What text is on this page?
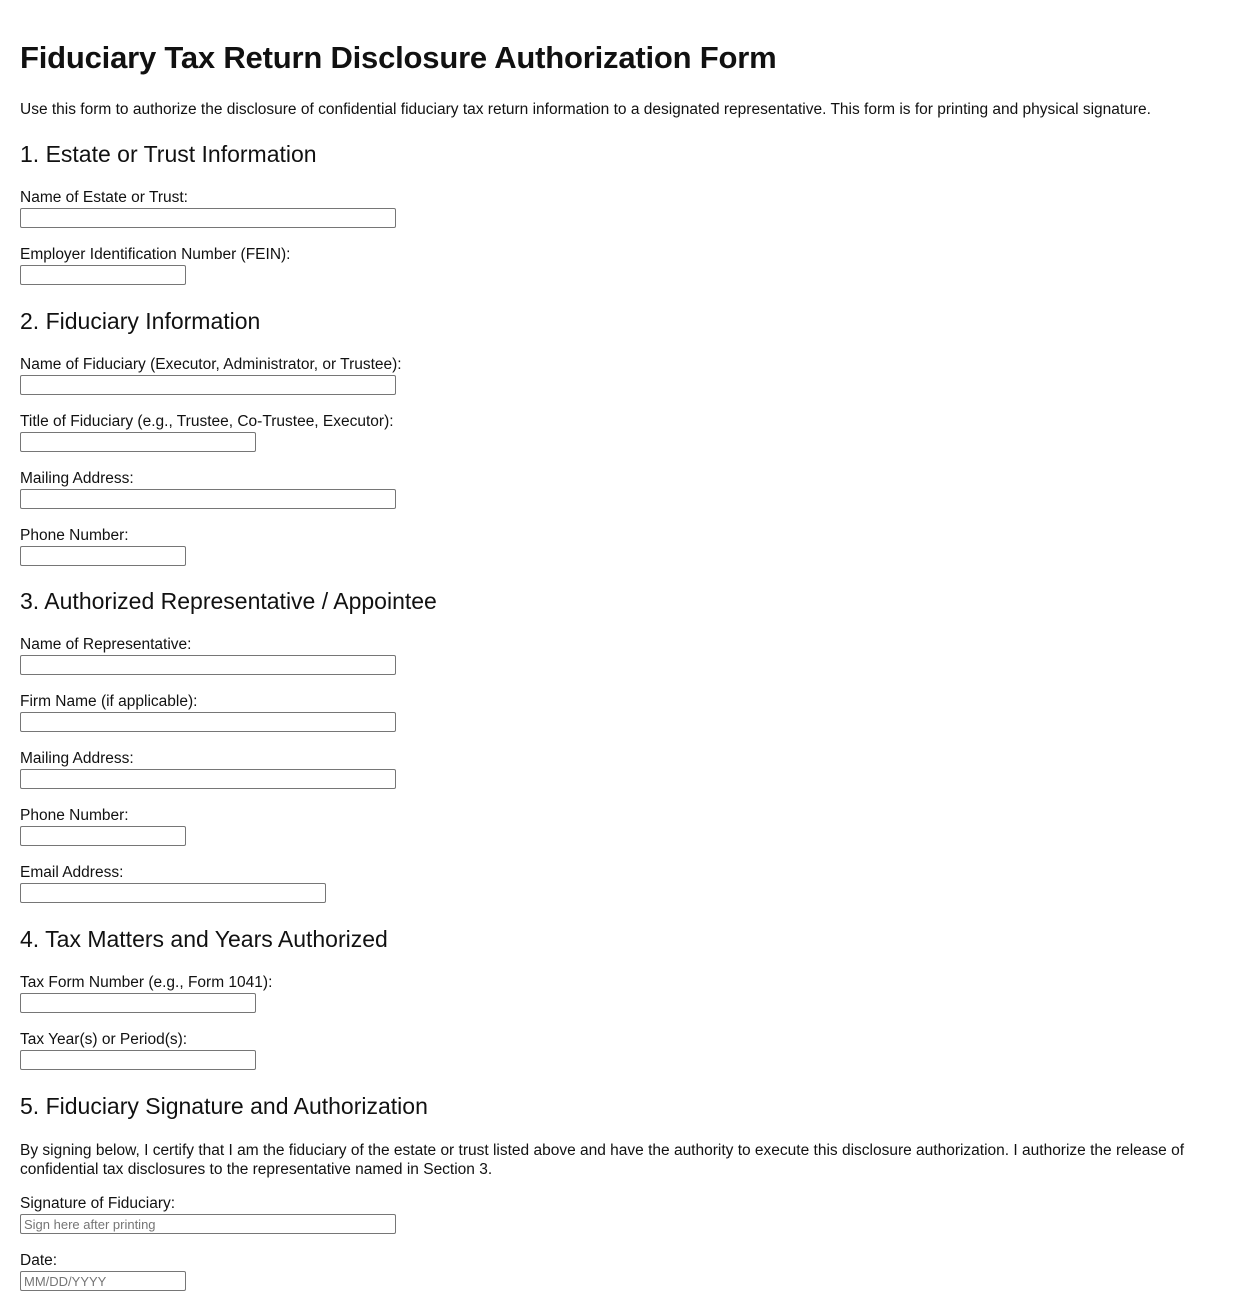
Fiduciary Tax Return Disclosure Authorization Form
Use this form to authorize the disclosure of confidential fiduciary tax return information to a designated representative. This form is for printing and physical signature.
1. Estate or Trust Information
Name of Estate or Trust:
Employer Identification Number (FEIN):
2. Fiduciary Information
Name of Fiduciary (Executor, Administrator, or Trustee):
Title of Fiduciary (e.g., Trustee, Co-Trustee, Executor):
Mailing Address:
Phone Number:
3. Authorized Representative / Appointee
Name of Representative:
Firm Name (if applicable):
Mailing Address:
Phone Number:
Email Address:
4. Tax Matters and Years Authorized
Tax Form Number (e.g., Form 1041):
Tax Year(s) or Period(s):
5. Fiduciary Signature and Authorization
By signing below, I certify that I am the fiduciary of the estate or trust listed above and have the authority to execute this disclosure authorization. I authorize the release of confidential tax disclosures to the representative named in Section 3.
Signature of Fiduciary:
Sign here after printing
Date:
MM/DD/YYYY
